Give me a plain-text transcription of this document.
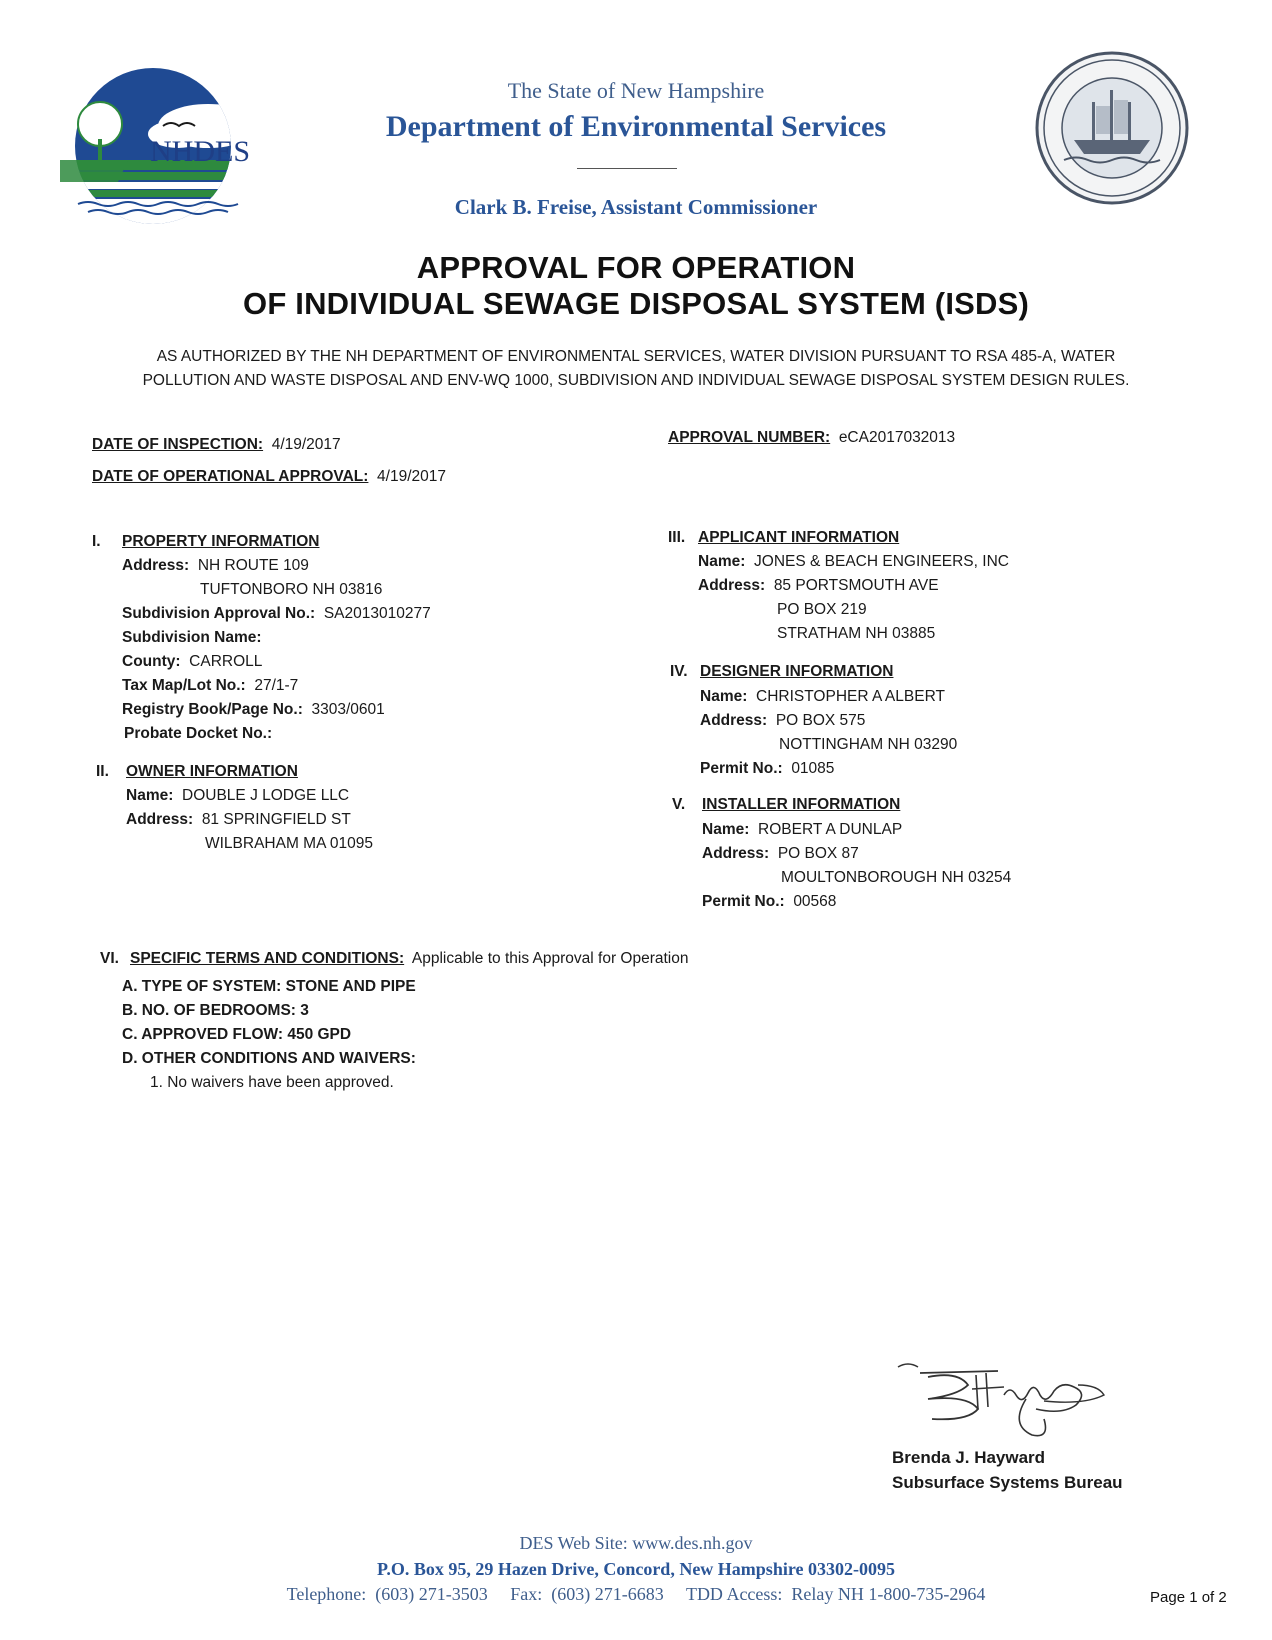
NHDES
The State of New Hampshire
Department of Environmental Services
Clark B. Freise, Assistant Commissioner
APPROVAL FOR OPERATION
OF INDIVIDUAL SEWAGE DISPOSAL SYSTEM (ISDS)
AS AUTHORIZED BY THE NH DEPARTMENT OF ENVIRONMENTAL SERVICES, WATER DIVISION PURSUANT TO RSA 485-A, WATER
POLLUTION AND WASTE DISPOSAL AND ENV-WQ 1000, SUBDIVISION AND INDIVIDUAL SEWAGE DISPOSAL SYSTEM DESIGN RULES.
DATE OF INSPECTION: 4/19/2017
DATE OF OPERATIONAL APPROVAL: 4/19/2017
APPROVAL NUMBER: eCA2017032013
I. PROPERTY INFORMATION
Address: NH ROUTE 109
TUFTONBORO NH 03816
Subdivision Approval No.: SA2013010277
Subdivision Name:
County: CARROLL
Tax Map/Lot No.: 27/1-7
Registry Book/Page No.: 3303/0601
Probate Docket No.:
II. OWNER INFORMATION
Name: DOUBLE J LODGE LLC
Address: 81 SPRINGFIELD ST
WILBRAHAM MA 01095
III. APPLICANT INFORMATION
Name: JONES & BEACH ENGINEERS, INC
Address: 85 PORTSMOUTH AVE
PO BOX 219
STRATHAM NH 03885
IV. DESIGNER INFORMATION
Name: CHRISTOPHER A ALBERT
Address: PO BOX 575
NOTTINGHAM NH 03290
Permit No.: 01085
V. INSTALLER INFORMATION
Name: ROBERT A DUNLAP
Address: PO BOX 87
MOULTONBOROUGH NH 03254
Permit No.: 00568
VI. SPECIFIC TERMS AND CONDITIONS: Applicable to this Approval for Operation
A. TYPE OF SYSTEM: STONE AND PIPE
B. NO. OF BEDROOMS: 3
C. APPROVED FLOW: 450 GPD
D. OTHER CONDITIONS AND WAIVERS:
1. No waivers have been approved.
Brenda J. Hayward
Subsurface Systems Bureau
DES Web Site: www.des.nh.gov
P.O. Box 95, 29 Hazen Drive, Concord, New Hampshire 03302-0095
Telephone:  (603) 271-3503     Fax:  (603) 271-6683     TDD Access:  Relay NH 1-800-735-2964	Page 1 of 2
